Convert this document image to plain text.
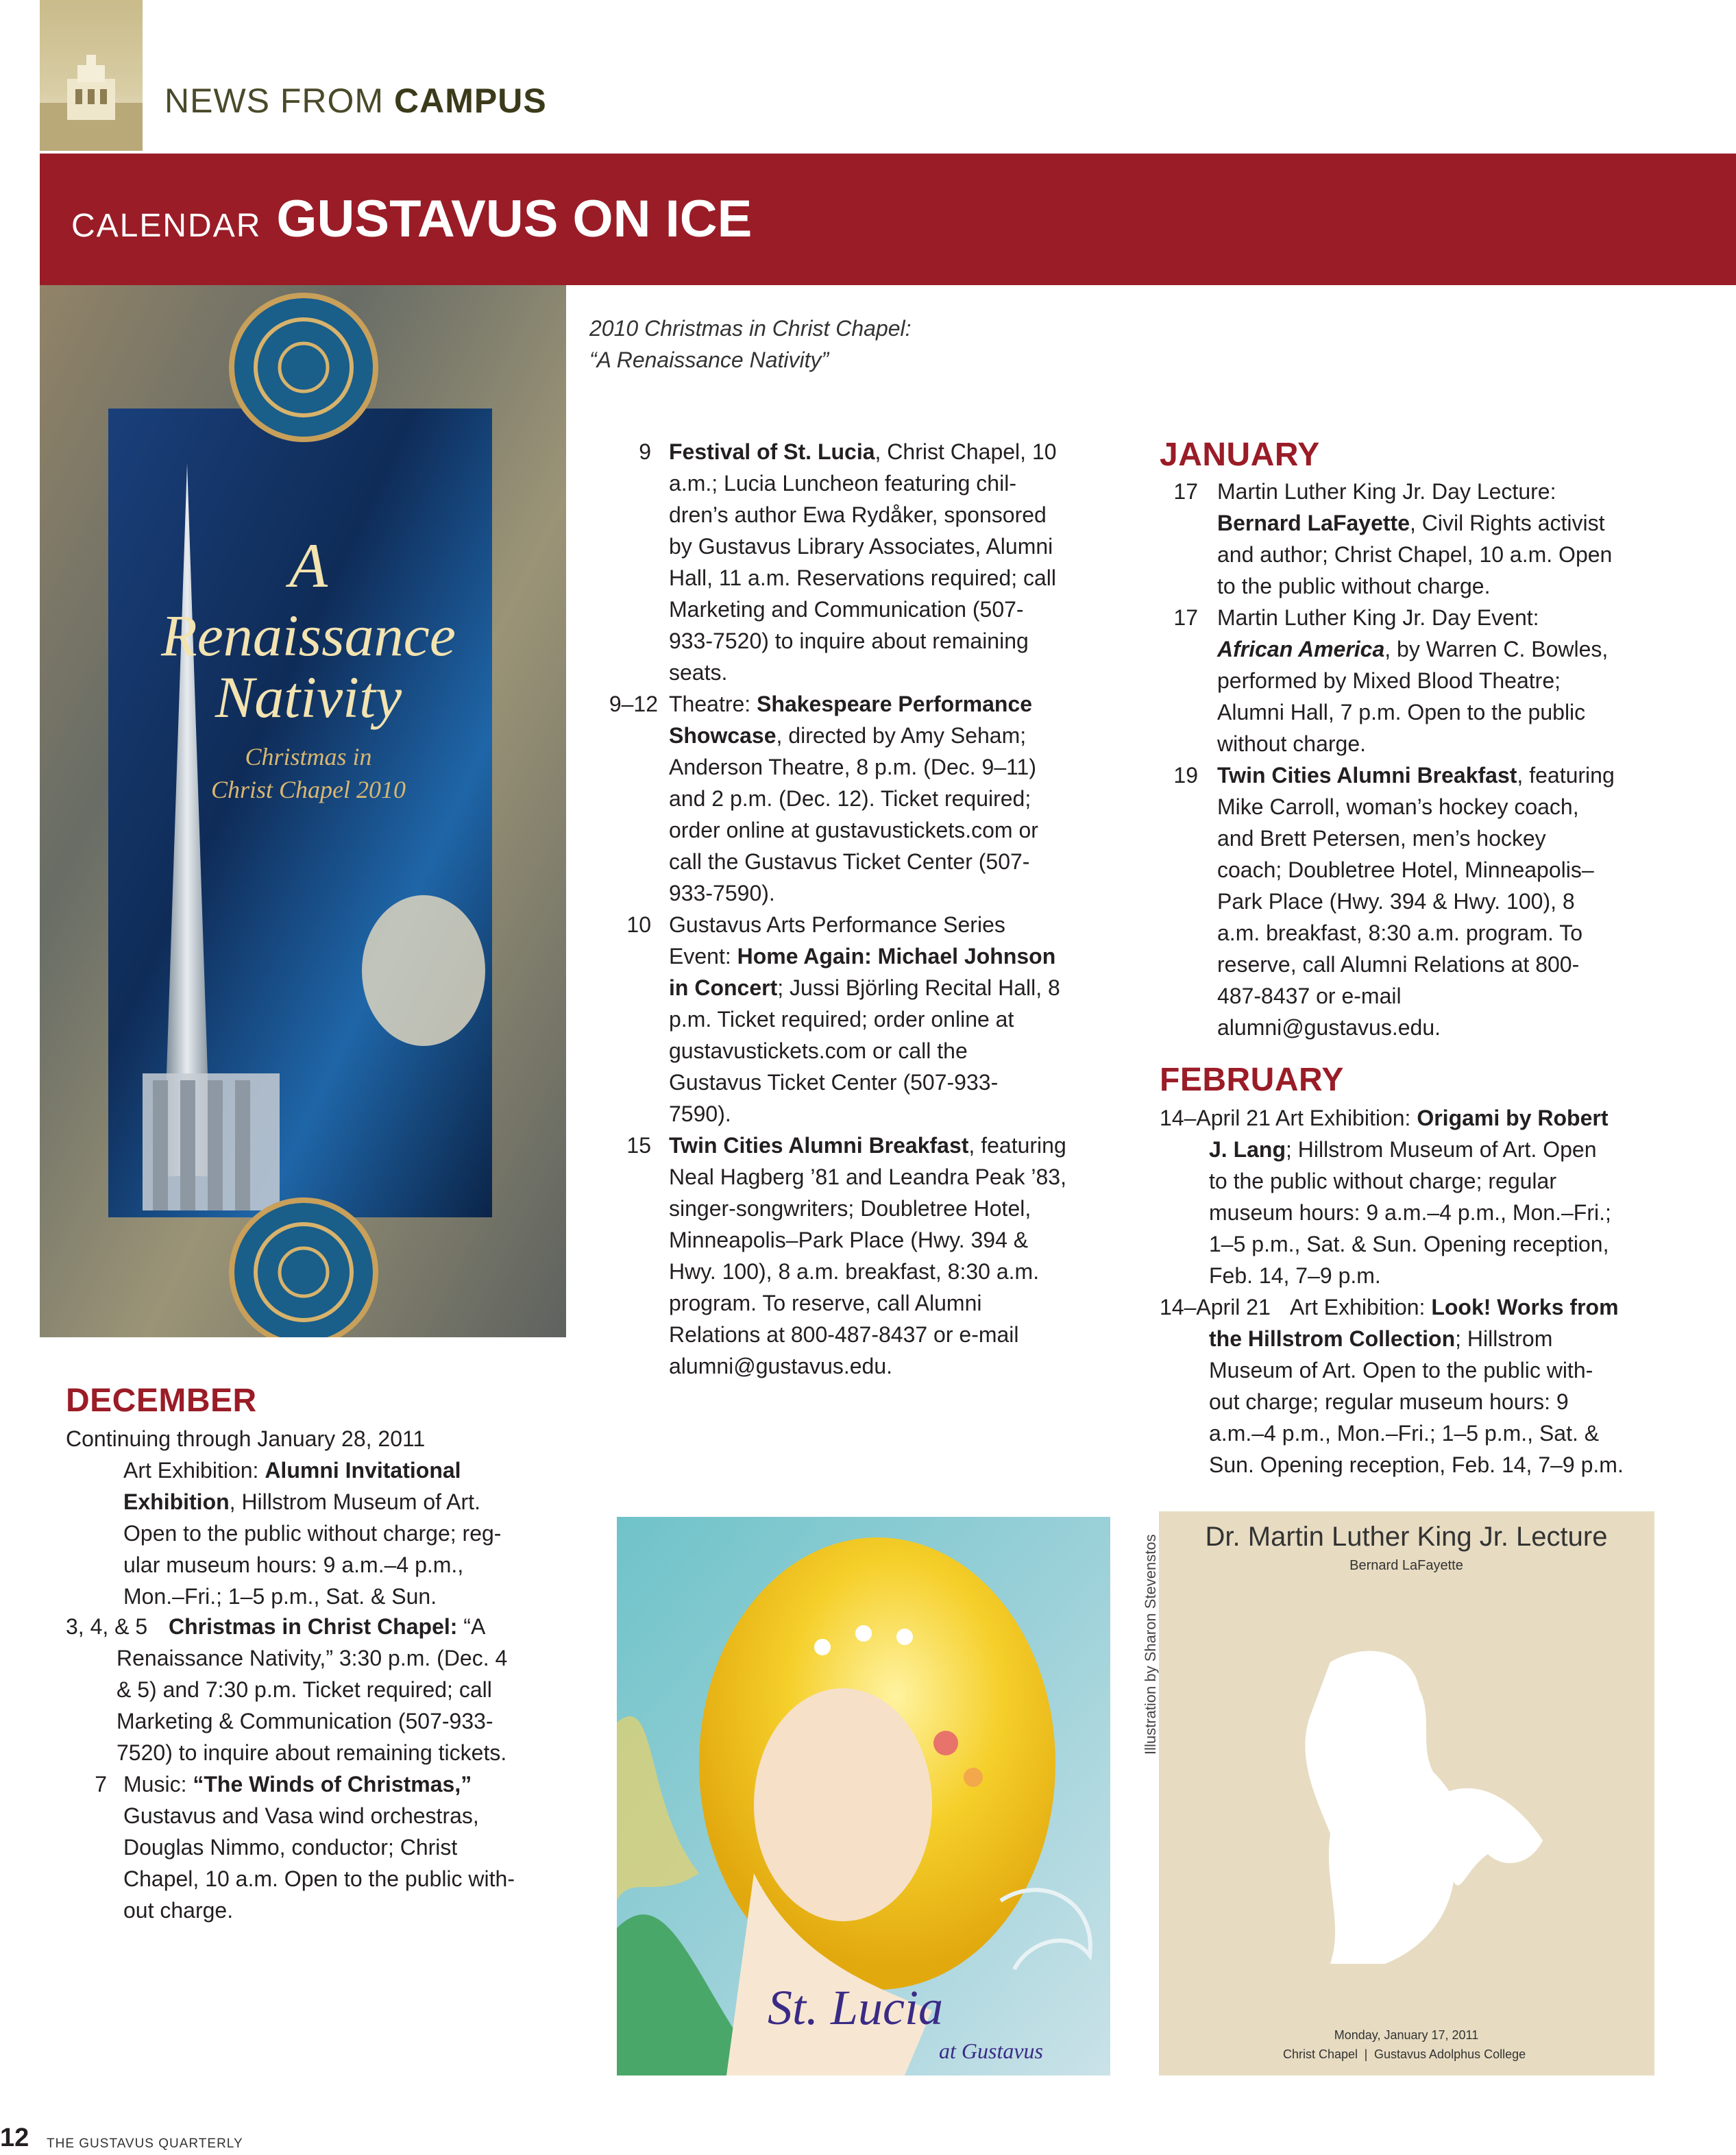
NEWS FROM CAMPUS
CALENDAR GUSTAVUS ON ICE
A
Renaissance
Nativity
Christmas in
Christ Chapel 2010
2010 Christmas in Christ Chapel:
“A Renaissance Nativity”
DECEMBER
Continuing through January 28, 2011
Art Exhibition: Alumni Invitational
Exhibition, Hillstrom Museum of Art.
Open to the public without charge; reg-
ular museum hours: 9 a.m.–4 p.m.,
Mon.–Fri.; 1–5 p.m., Sat. & Sun.
3, 4, & 5 Christmas in Christ Chapel: “A
Renaissance Nativity,” 3:30 p.m. (Dec. 4
& 5) and 7:30 p.m. Ticket required; call
Marketing & Communication (507-933-
7520) to inquire about remaining tickets.
7 Music: “The Winds of Christmas,”
Gustavus and Vasa wind orchestras,
Douglas Nimmo, conductor; Christ
Chapel, 10 a.m. Open to the public with-
out charge.
9 Festival of St. Lucia, Christ Chapel, 10
a.m.; Lucia Luncheon featuring chil-
dren’s author Ewa Rydåker, sponsored
by Gustavus Library Associates, Alumni
Hall, 11 a.m. Reservations required; call
Marketing and Communication (507-
933-7520) to inquire about remaining
seats.
9–12 Theatre: Shakespeare Performance
Showcase, directed by Amy Seham;
Anderson Theatre, 8 p.m. (Dec. 9–11)
and 2 p.m. (Dec. 12). Ticket required;
order online at gustavustickets.com or
call the Gustavus Ticket Center (507-
933-7590).
10 Gustavus Arts Performance Series
Event: Home Again: Michael Johnson
in Concert; Jussi Björling Recital Hall, 8
p.m. Ticket required; order online at
gustavustickets.com or call the
Gustavus Ticket Center (507-933-
7590).
15 Twin Cities Alumni Breakfast, featuring
Neal Hagberg ’81 and Leandra Peak ’83,
singer-songwriters; Doubletree Hotel,
Minneapolis–Park Place (Hwy. 394 &
Hwy. 100), 8 a.m. breakfast, 8:30 a.m.
program. To reserve, call Alumni
Relations at 800-487-8437 or e-mail
alumni@gustavus.edu.
JANUARY
17 Martin Luther King Jr. Day Lecture:
Bernard LaFayette, Civil Rights activist
and author; Christ Chapel, 10 a.m. Open
to the public without charge.
17 Martin Luther King Jr. Day Event:
African America, by Warren C. Bowles,
performed by Mixed Blood Theatre;
Alumni Hall, 7 p.m. Open to the public
without charge.
19 Twin Cities Alumni Breakfast, featuring
Mike Carroll, woman’s hockey coach,
and Brett Petersen, men’s hockey
coach; Doubletree Hotel, Minneapolis–
Park Place (Hwy. 394 & Hwy. 100), 8
a.m. breakfast, 8:30 a.m. program. To
reserve, call Alumni Relations at 800-
487-8437 or e-mail
alumni@gustavus.edu.
FEBRUARY
14–April 21 Art Exhibition: Origami by Robert
J. Lang; Hillstrom Museum of Art. Open
to the public without charge; regular
museum hours: 9 a.m.–4 p.m., Mon.–Fri.;
1–5 p.m., Sat. & Sun. Opening reception,
Feb. 14, 7–9 p.m.
14–April 21 Art Exhibition: Look! Works from
the Hillstrom Collection; Hillstrom
Museum of Art. Open to the public with-
out charge; regular museum hours: 9
a.m.–4 p.m., Mon.–Fri.; 1–5 p.m., Sat. &
Sun. Opening reception, Feb. 14, 7–9 p.m.
St. Lucia
at Gustavus
Illustration by Sharon Stevenstos Dr. Martin Luther King Jr. Lecture
Bernard LaFayette
Monday, January 17, 2011
Christ Chapel | Gustavus Adolphus College
12 THE GUSTAVUS QUARTERLY
